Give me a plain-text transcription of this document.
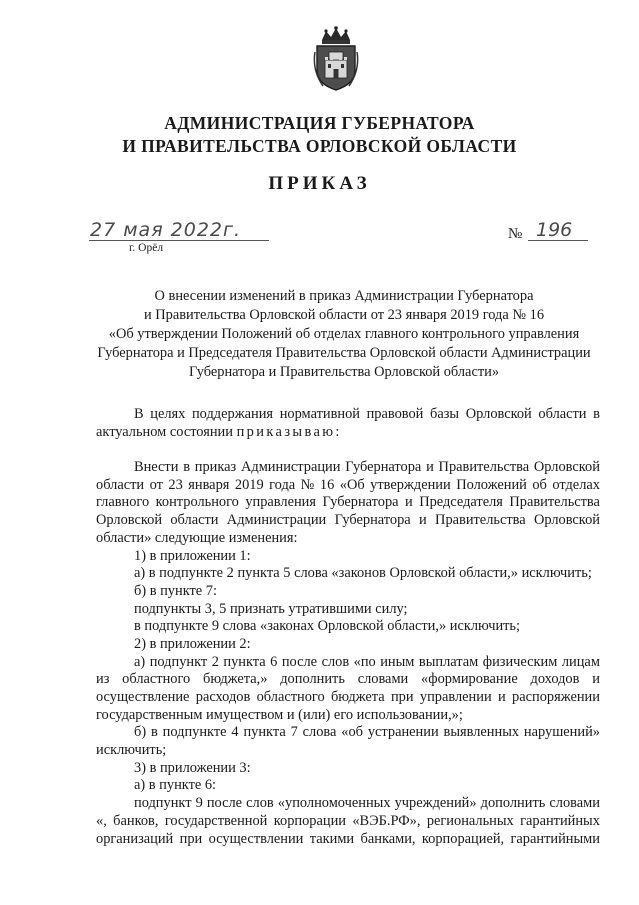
АДМИНИСТРАЦИЯ ГУБЕРНАТОРА
И ПРАВИТЕЛЬСТВА ОРЛОВСКОЙ ОБЛАСТИ
ПРИКАЗ
27 мая 2022г.
г. Орёл
№ 196
О внесении изменений в приказ Администрации Губернатора
и Правительства Орловской области от 23 января 2019 года № 16
«Об утверждении Положений об отделах главного контрольного управления
Губернатора и Председателя Правительства Орловской области Администрации
Губернатора и Правительства Орловской области»
В целях поддержания нормативной правовой базы Орловской области в
актуальном состоянии приказываю:
Внести в приказ Администрации Губернатора и Правительства Орловской
области от 23 января 2019 года № 16 «Об утверждении Положений об отделах
главного контрольного управления Губернатора и Председателя Правительства
Орловской области Администрации Губернатора и Правительства Орловской
области» следующие изменения:
1) в приложении 1:
а) в подпункте 2 пункта 5 слова «законов Орловской области,» исключить;
б) в пункте 7:
подпункты 3, 5 признать утратившими силу;
в подпункте 9 слова «законах Орловской области,» исключить;
2) в приложении 2:
а) подпункт 2 пункта 6 после слов «по иным выплатам физическим лицам
из областного бюджета,» дополнить словами «формирование доходов и
осуществление расходов областного бюджета при управлении и распоряжении
государственным имуществом и (или) его использовании,»;
б) в подпункте 4 пункта 7 слова «об устранении выявленных нарушений»
исключить;
3) в приложении 3:
а) в пункте 6:
подпункт 9 после слов «уполномоченных учреждений» дополнить словами
«, банков, государственной корпорации «ВЭБ.РФ», региональных гарантийных
организаций при осуществлении такими банками, корпорацией, гарантийными
